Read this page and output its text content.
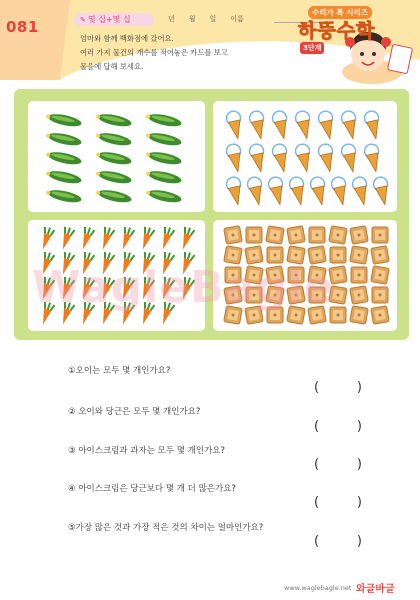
081	✎ 몇 십+몇 십	년 월 일 이름
엄마와 함께 백화점에 갔어요.
여러 가지 물건의 개수를 적어놓은 카드를 보고
물음에 답해 보세요.
수리가 톡 시리즈
하뚱수학
3단계
WagleBagle
①오이는 모두 몇 개인가요?
(	)
② 오이와 당근은 모두 몇 개인가요?
(	)
③ 아이스크림과 과자는 모두 몇 개인가요?
(	)
④ 아이스크림은 당근보다 몇 개 더 많은가요?
(	)
⑤가장 많은 것과 가장 적은 것의 차이는 얼마인가요?
(	)
www.waglebagle.net 와글바글
